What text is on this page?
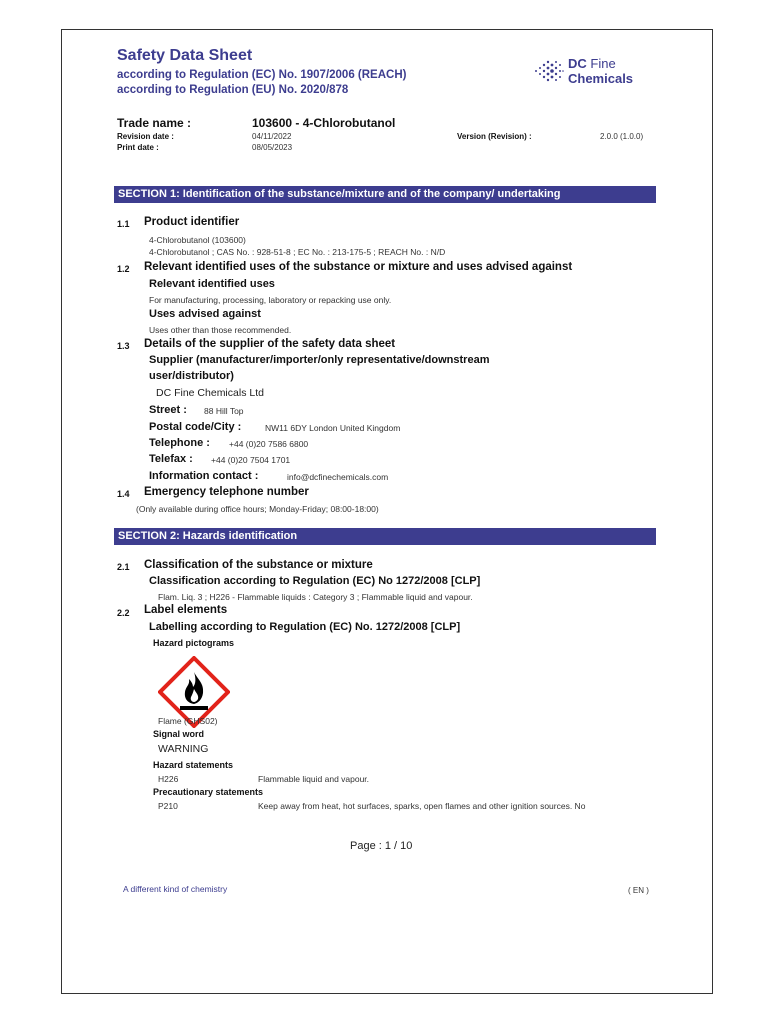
Safety Data Sheet
according to Regulation (EC) No. 1907/2006 (REACH)
according to Regulation (EU) No. 2020/878
DC Fine
Chemicals
Trade name :	103600 - 4-Chlorobutanol
Revision date :	04/11/2022
Print date :	08/05/2023
Version (Revision) :	2.0.0 (1.0.0)
SECTION 1: Identification of the substance/mixture and of the company/ undertaking
1.1 Product identifier
4-Chlorobutanol (103600)
4-Chlorobutanol ; CAS No. : 928-51-8 ; EC No. : 213-175-5 ; REACH No. : N/D
1.2 Relevant identified uses of the substance or mixture and uses advised against
Relevant identified uses
For manufacturing, processing, laboratory or repacking use only.
Uses advised against
Uses other than those recommended.
1.3 Details of the supplier of the safety data sheet
Supplier (manufacturer/importer/only representative/downstream
user/distributor)
DC Fine Chemicals Ltd
Street : 88 Hill Top
Postal code/City :	NW11 6DY London United Kingdom
Telephone : +44 (0)20 7586 6800
Telefax : +44 (0)20 7504 1701
Information contact :	info@dcfinechemicals.com
1.4 Emergency telephone number
(Only available during office hours; Monday-Friday; 08:00-18:00)
SECTION 2: Hazards identification
2.1 Classification of the substance or mixture
Classification according to Regulation (EC) No 1272/2008 [CLP]
Flam. Liq. 3 ; H226 - Flammable liquids : Category 3 ; Flammable liquid and vapour.
2.2 Label elements
Labelling according to Regulation (EC) No. 1272/2008 [CLP]
Hazard pictograms
Flame (GHS02)
Signal word
WARNING
Hazard statements
H226	Flammable liquid and vapour.
Precautionary statements
P210	Keep away from heat, hot surfaces, sparks, open flames and other ignition sources. No
Page : 1 / 10
A different kind of chemistry	( EN )
